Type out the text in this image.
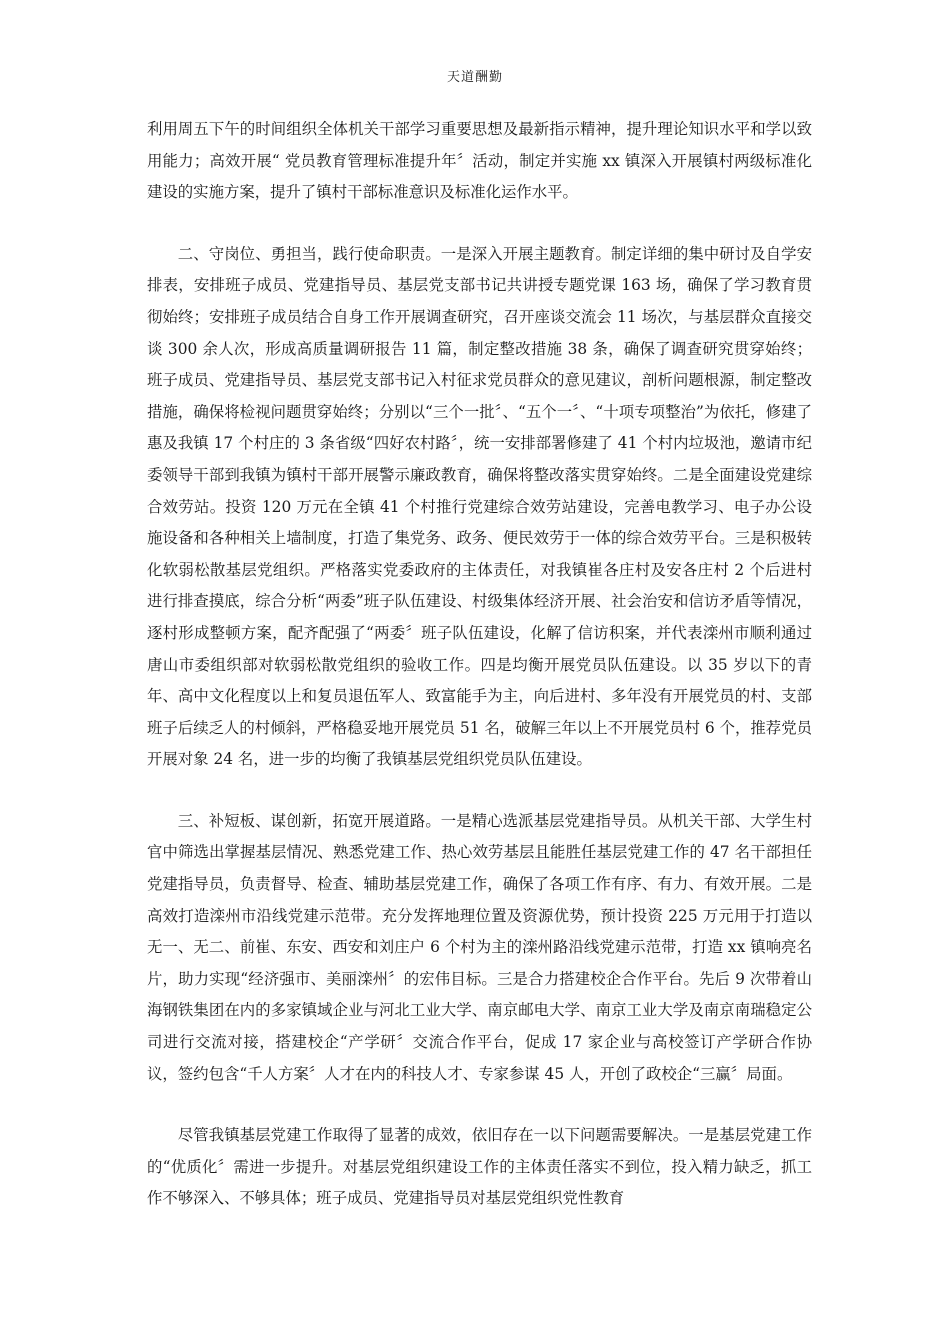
天道酬勤

利用周五下午的时间组织全体机关干部学习重要思想及最新指示精神，提升理论知识水平和学以致用能力；高效开展“ 党员教育管理标准提升年〞活动，制定并实施 xx 镇深入开展镇村两级标准化建设的实施方案，提升了镇村干部标准意识及标准化运作水平。

二、守岗位、勇担当，践行使命职责。一是深入开展主题教育。制定详细的集中研讨及自学安排表，安排班子成员、党建指导员、基层党支部书记共讲授专题党课 163 场，确保了学习教育贯彻始终；安排班子成员结合自身工作开展调查研究，召开座谈交流会 11 场次，与基层群众直接交谈 300 余人次，形成高质量调研报告 11 篇，制定整改措施 38 条，确保了调查研究贯穿始终；班子成员、党建指导员、基层党支部书记入村征求党员群众的意见建议，剖析问题根源，制定整改措施，确保将检视问题贯穿始终；分别以“三个一批〞、“五个一〞、“十项专项整治”为依托，修建了惠及我镇 17 个村庄的 3 条省级“四好农村路〞，统一安排部署修建了 41 个村内垃圾池，邀请市纪委领导干部到我镇为镇村干部开展警示廉政教育，确保将整改落实贯穿始终。二是全面建设党建综合效劳站。投资 120 万元在全镇 41 个村推行党建综合效劳站建设，完善电教学习、电子办公设施设备和各种相关上墙制度，打造了集党务、政务、便民效劳于一体的综合效劳平台。三是积极转化软弱松散基层党组织。严格落实党委政府的主体责任，对我镇崔各庄村及安各庄村 2 个后进村进行排查摸底，综合分析“两委”班子队伍建设、村级集体经济开展、社会治安和信访矛盾等情况，逐村形成整顿方案，配齐配强了“两委〞班子队伍建设，化解了信访积案，并代表滦州市顺利通过唐山市委组织部对软弱松散党组织的验收工作。四是均衡开展党员队伍建设。以 35 岁以下的青年、高中文化程度以上和复员退伍军人、致富能手为主，向后进村、多年没有开展党员的村、支部班子后续乏人的村倾斜，严格稳妥地开展党员 51 名，破解三年以上不开展党员村 6 个，推荐党员开展对象 24 名，进一步的均衡了我镇基层党组织党员队伍建设。

三、补短板、谋创新，拓宽开展道路。一是精心选派基层党建指导员。从机关干部、大学生村官中筛选出掌握基层情况、熟悉党建工作、热心效劳基层且能胜任基层党建工作的 47 名干部担任党建指导员，负责督导、检查、辅助基层党建工作，确保了各项工作有序、有力、有效开展。二是高效打造滦州市沿线党建示范带。充分发挥地理位置及资源优势，预计投资 225 万元用于打造以无一、无二、前崔、东安、西安和刘庄户 6 个村为主的滦州路沿线党建示范带，打造 xx 镇响亮名片，助力实现“经济强市、美丽滦州〞的宏伟目标。三是合力搭建校企合作平台。先后 9 次带着山海钢铁集团在内的多家镇域企业与河北工业大学、南京邮电大学、南京工业大学及南京南瑞稳定公司进行交流对接，搭建校企“产学研〞交流合作平台，促成 17 家企业与高校签订产学研合作协议，签约包含“千人方案〞人才在内的科技人才、专家参谋 45 人，开创了政校企“三赢〞局面。

尽管我镇基层党建工作取得了显著的成效，依旧存在一以下问题需要解决。一是基层党建工作的“优质化〞需进一步提升。对基层党组织建设工作的主体责任落实不到位，投入精力缺乏，抓工作不够深入、不够具体；班子成员、党建指导员对基层党组织党性教育
